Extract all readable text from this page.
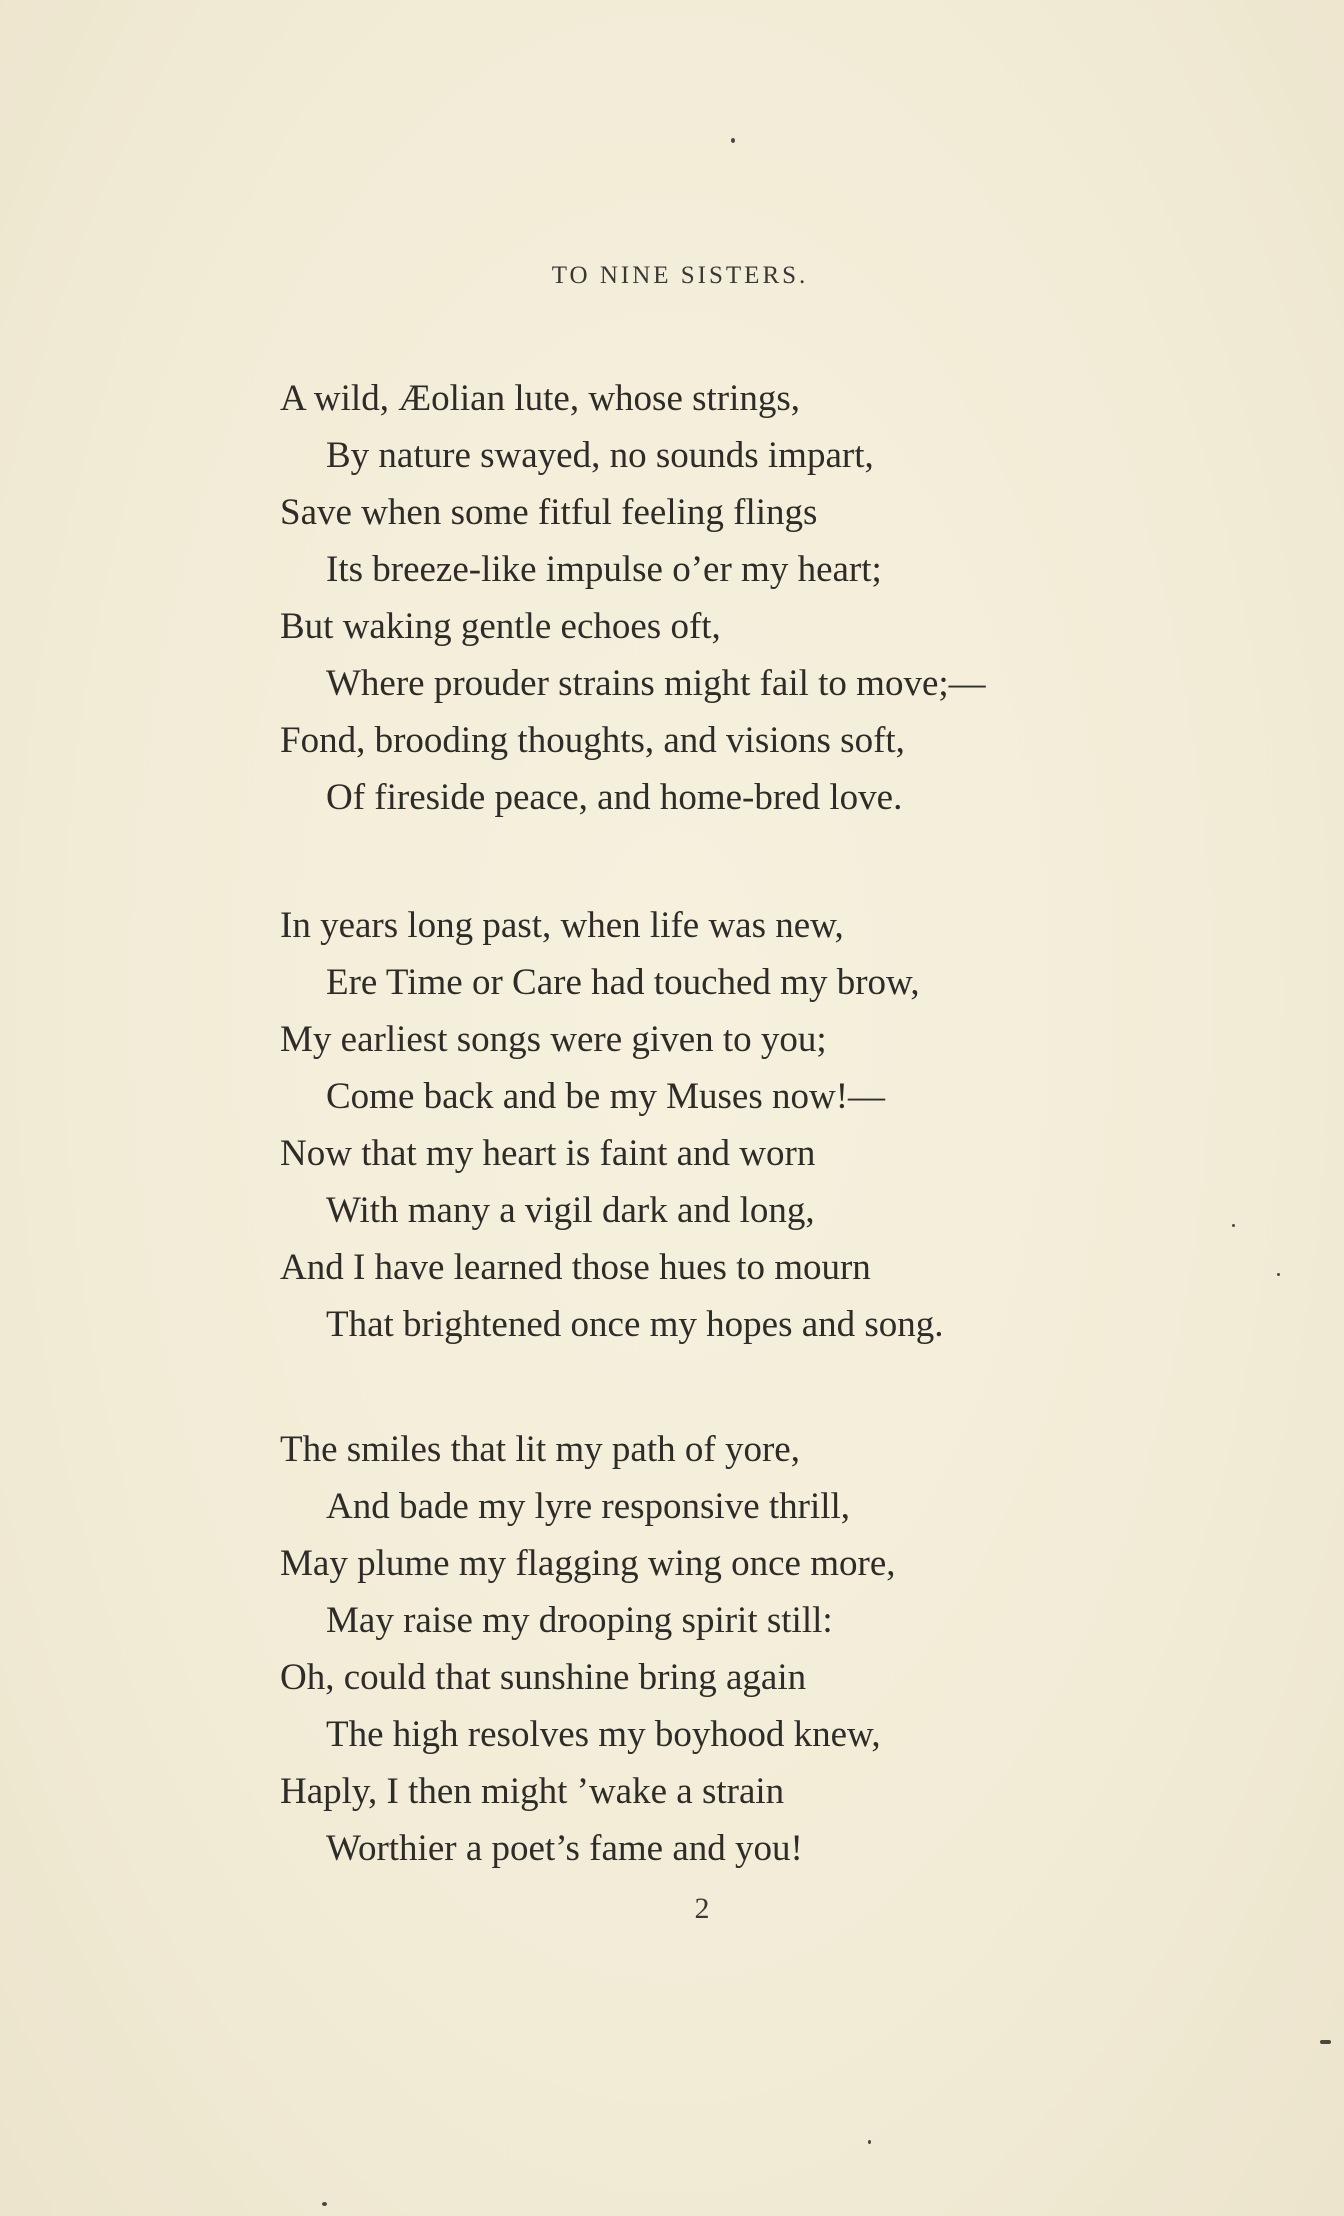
TO NINE SISTERS.
A wild, Æolian lute, whose strings,
By nature swayed, no sounds impart,
Save when some fitful feeling flings
Its breeze-like impulse o’er my heart;
But waking gentle echoes oft,
Where prouder strains might fail to move;—
Fond, brooding thoughts, and visions soft,
Of fireside peace, and home-bred love.
In years long past, when life was new,
Ere Time or Care had touched my brow,
My earliest songs were given to you;
Come back and be my Muses now!—
Now that my heart is faint and worn
With many a vigil dark and long,
And I have learned those hues to mourn
That brightened once my hopes and song.
The smiles that lit my path of yore,
And bade my lyre responsive thrill,
May plume my flagging wing once more,
May raise my drooping spirit still:
Oh, could that sunshine bring again
The high resolves my boyhood knew,
Haply, I then might ’wake a strain
Worthier a poet’s fame and you!
2
